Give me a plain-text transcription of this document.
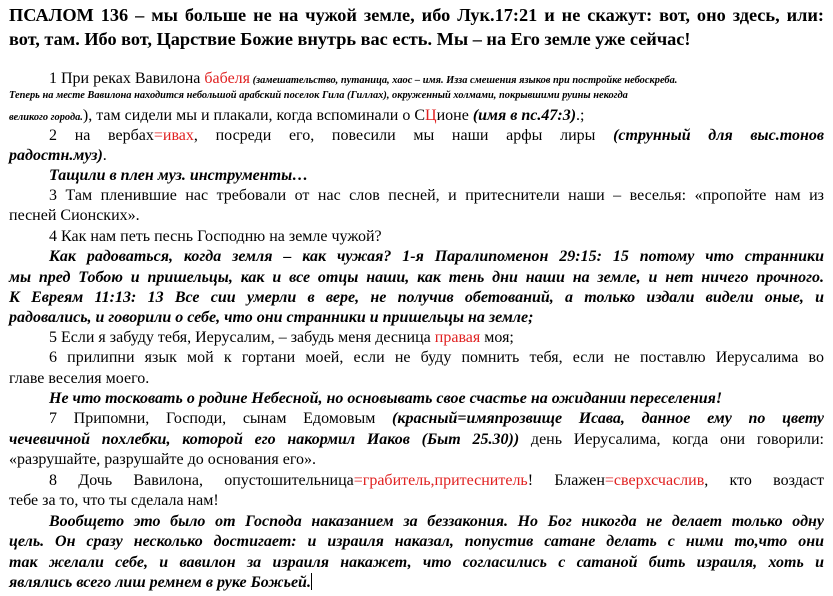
ПСАЛОМ 136 – мы больше не на чужой земле, ибо Лук.17:21 и не скажут: вот, оно здесь, или:
вот, там. Ибо вот, Царствие Божие внутрь вас есть. Мы – на Его земле уже сейчас!
1 При реках Вавилона бабеля (замешательство, путаница, хаос – имя. Изза смешения языков при постройке небоскреба.
Теперь на месте Вавилона находится небольшой арабский поселок Гила (Гиллах), окруженный холмами, покрывшими руины некогда
великого города.), там сидели мы и плакали, когда вспоминали о СЦионе (имя в пс.47:3).;
2 на вербах=ивах, посреди его, повесили мы наши арфы лиры (струнный для выс.тонов
радостн.муз).
Тащили в плен муз. инструменты…
3 Там пленившие нас требовали от нас слов песней, и притеснители наши – веселья: «пропойте нам из
песней Сионских».
4 Как нам петь песнь Господню на земле чужой?
Как радоваться, когда земля – как чужая? 1-я Паралипоменон 29:15: 15 потому что странники
мы пред Тобою и пришельцы, как и все отцы наши, как тень дни наши на земле, и нет ничего прочного.
К Евреям 11:13: 13 Все сии умерли в вере, не получив обетований, а только издали видели оные, и
радовались, и говорили о себе, что они странники и пришельцы на земле;
5 Если я забуду тебя, Иерусалим, – забудь меня десница правая моя;
6 прилипни язык мой к гортани моей, если не буду помнить тебя, если не поставлю Иерусалима во
главе веселия моего.
Не что тосковать о родине Небесной, но основывать свое счастье на ожидании переселения!
7 Припомни, Господи, сынам Едомовым (красный=имяпрозвище Исава, данное ему по цвету
чечевичной похлебки, которой его накормил Иаков (Быт 25.30)) день Иерусалима, когда они говорили:
«разрушайте, разрушайте до основания его».
8 Дочь Вавилона, опустошительница=грабитель,притеснитель! Блажен=сверхсчаслив, кто воздаст
тебе за то, что ты сделала нам!
Вообщето это было от Господа наказанием за беззакония. Но Бог никогда не делает только одну
цель. Он сразу несколько достигает: и израиля наказал, попустив сатане делать с ними то,что они
так желали себе, и вавилон за израиля накажет, что согласились с сатаной бить израиля, хоть и
являлись всего лиш ремнем в руке Божьей.
